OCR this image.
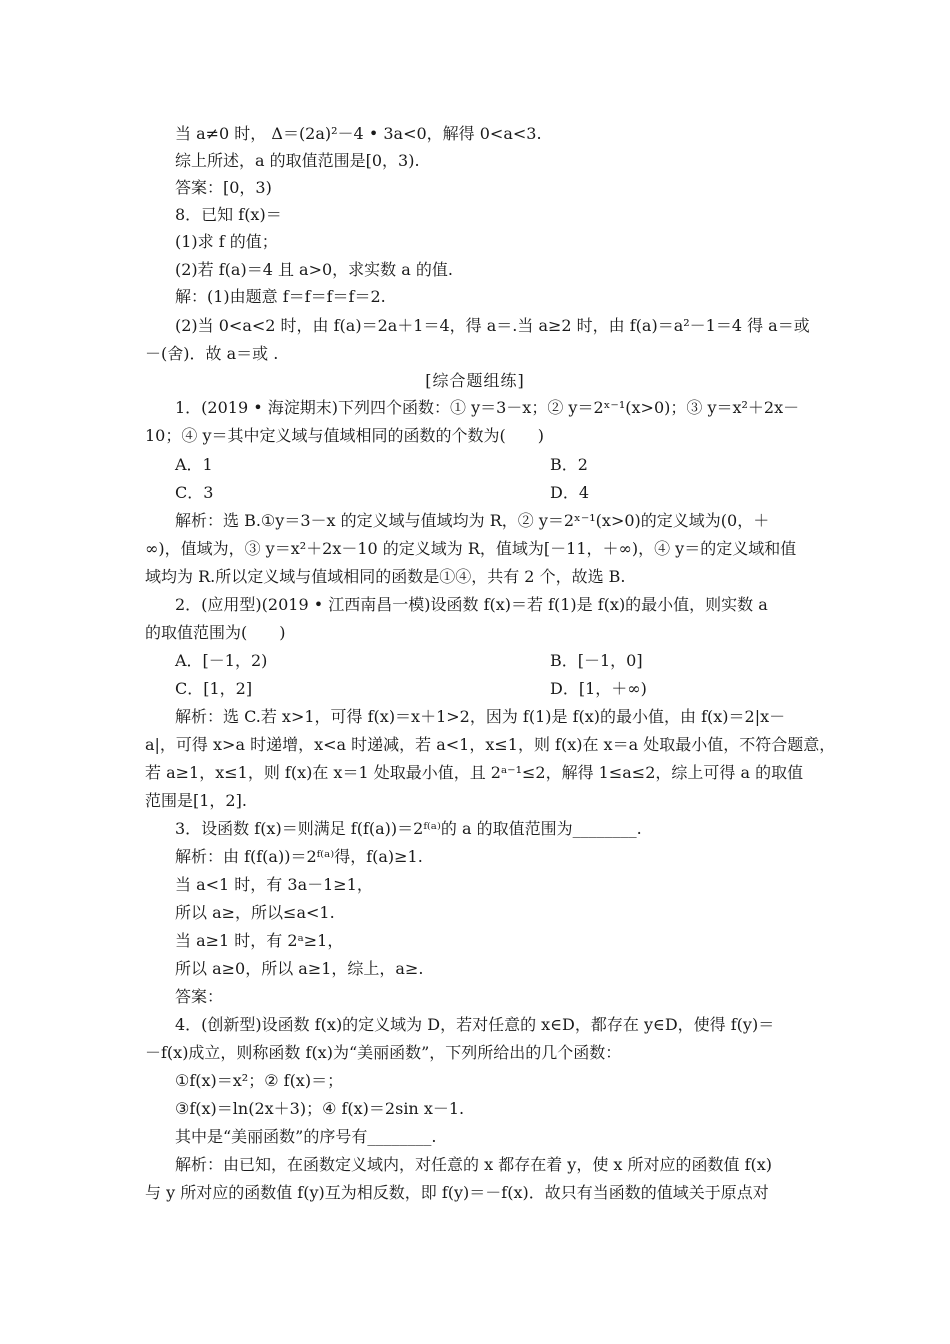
当 a≠0 时， Δ＝(2a)²－4 • 3a<0，解得 0<a<3.
综上所述，a 的取值范围是[0，3).
答案：[0，3)
8．已知 f(x)＝
(1)求 f 的值；
(2)若 f(a)＝4 且 a>0，求实数 a 的值.
解：(1)由题意 f＝f＝f＝f＝2.
(2)当 0<a<2 时，由 f(a)＝2a＋1＝4，得 a＝.当 a≥2 时，由 f(a)＝a²－1＝4 得 a＝或
－(舍)．故 a＝或 .
[综合题组练]
1．(2019 • 海淀期末)下列四个函数：① y＝3－x；② y＝2ˣ⁻¹(x>0)；③ y＝x²＋2x－
10；④ y＝其中定义域与值域相同的函数的个数为(　　)
A．1	B．2
C．3	D．4
解析：选 B.①y＝3－x 的定义域与值域均为 R，② y＝2ˣ⁻¹(x>0)的定义域为(0，＋
∞)，值域为，③ y＝x²＋2x－10 的定义域为 R，值域为[－11，＋∞)，④ y＝的定义域和值
域均为 R.所以定义域与值域相同的函数是①④，共有 2 个，故选 B.
2．(应用型)(2019 • 江西南昌一模)设函数 f(x)＝若 f(1)是 f(x)的最小值，则实数 a
的取值范围为(　　)
A．[－1，2)	B．[－1，0]
C．[1，2]	D．[1，＋∞)
解析：选 C.若 x>1，可得 f(x)＝x＋1>2，因为 f(1)是 f(x)的最小值，由 f(x)＝2|x－
a|，可得 x>a 时递增，x<a 时递减，若 a<1，x≤1，则 f(x)在 x＝a 处取最小值，不符合题意，
若 a≥1，x≤1，则 f(x)在 x＝1 处取最小值，且 2ᵃ⁻¹≤2，解得 1≤a≤2，综上可得 a 的取值
范围是[1，2].
3．设函数 f(x)＝则满足 f(f(a))＝2ᶠ⁽ᵃ⁾的 a 的取值范围为________.
解析：由 f(f(a))＝2ᶠ⁽ᵃ⁾得，f(a)≥1.
当 a<1 时，有 3a－1≥1，
所以 a≥，所以≤a<1.
当 a≥1 时，有 2ᵃ≥1，
所以 a≥0，所以 a≥1，综上，a≥.
答案：
4．(创新型)设函数 f(x)的定义域为 D，若对任意的 x∈D，都存在 y∈D，使得 f(y)＝
－f(x)成立，则称函数 f(x)为“美丽函数”，下列所给出的几个函数：
①f(x)＝x²；② f(x)＝；
③f(x)＝ln(2x＋3)；④ f(x)＝2sin x－1.
其中是“美丽函数”的序号有________.
解析：由已知，在函数定义域内，对任意的 x 都存在着 y，使 x 所对应的函数值 f(x)
与 y 所对应的函数值 f(y)互为相反数，即 f(y)＝－f(x)．故只有当函数的值域关于原点对
